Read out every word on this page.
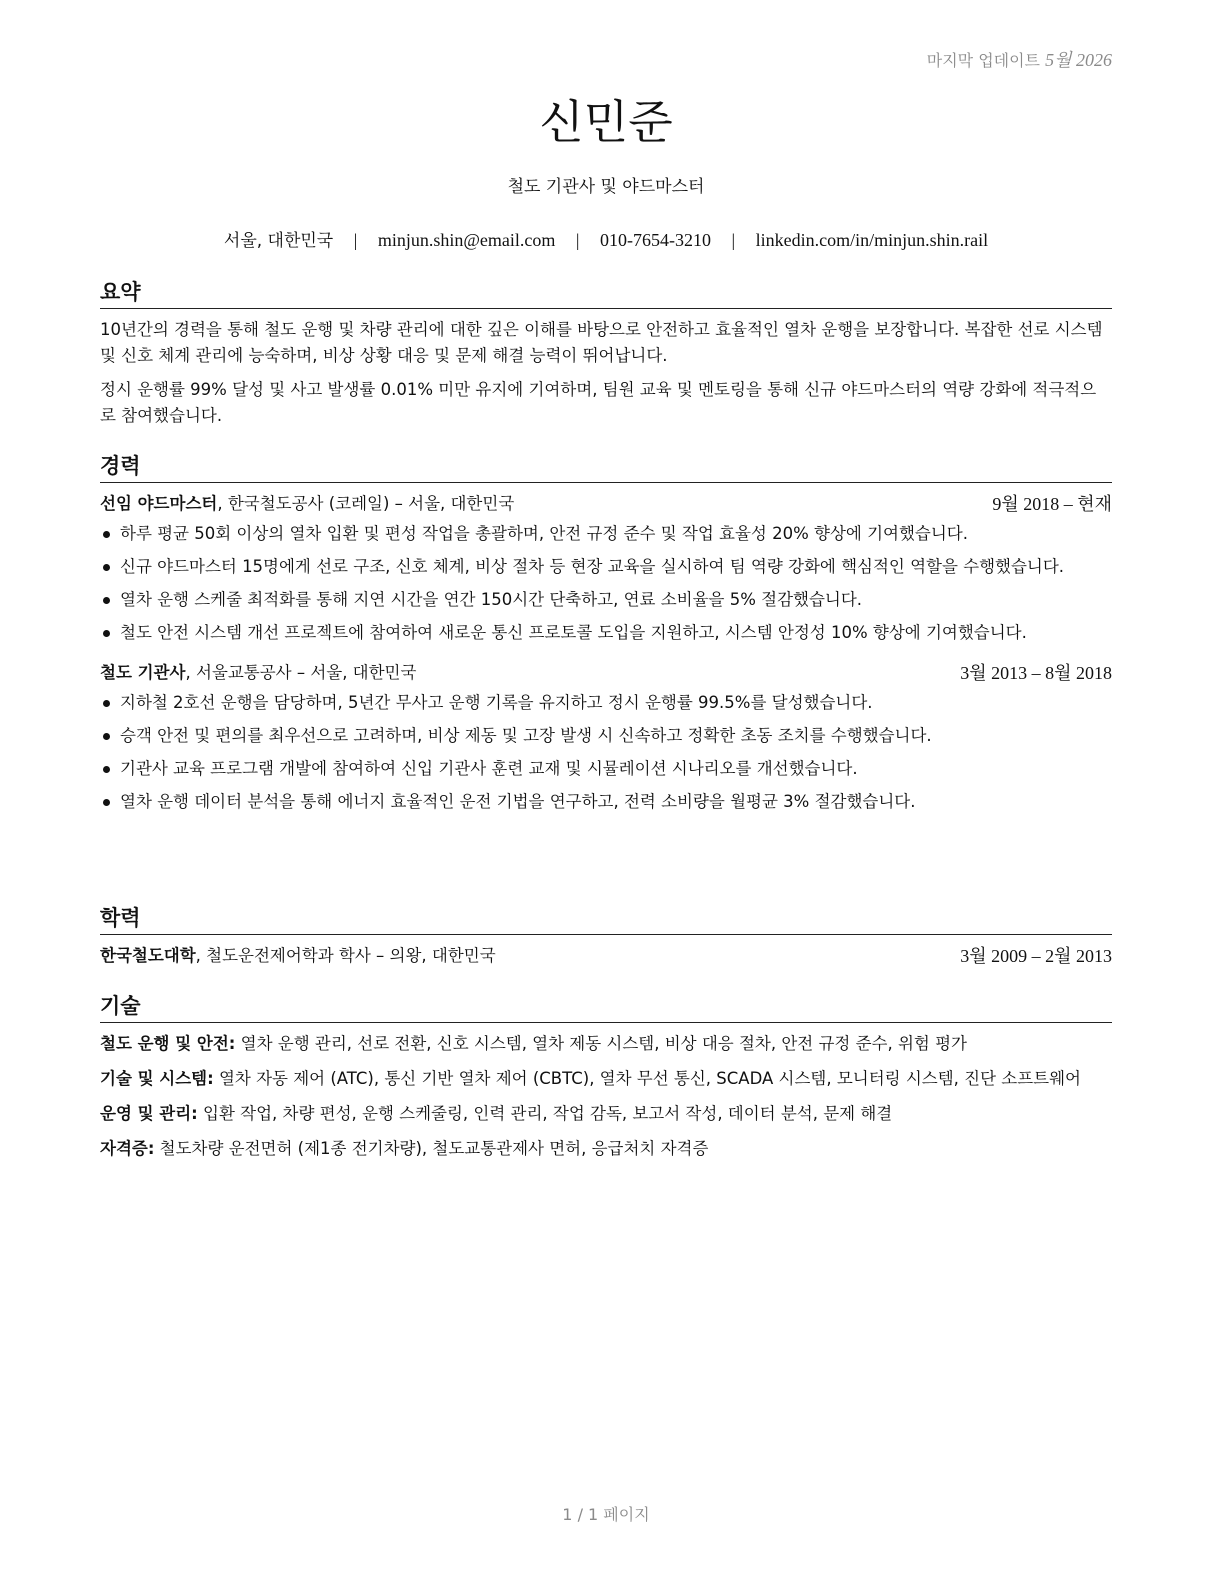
마지막 업데이트 5월 2026
신민준
철도 기관사 및 야드마스터
서울, 대한민국 | minjun.shin@email.com | 010-7654-3210 | linkedin.com/in/minjun.shin.rail
요약

10년간의 경력을 통해 철도 운행 및 차량 관리에 대한 깊은 이해를 바탕으로 안전하고 효율적인 열차 운행을 보장합니다. 복잡한 선로 시스템 및 신호 체계 관리에 능숙하며, 비상 상황 대응 및 문제 해결 능력이 뛰어납니다.

정시 운행률 99% 달성 및 사고 발생률 0.01% 미만 유지에 기여하며, 팀원 교육 및 멘토링을 통해 신규 야드마스터의 역량 강화에 적극적으로 참여했습니다.

경력
선임 야드마스터, 한국철도공사 (코레일) – 서울, 대한민국	9월 2018 – 현재
하루 평균 50회 이상의 열차 입환 및 편성 작업을 총괄하며, 안전 규정 준수 및 작업 효율성 20% 향상에 기여했습니다.
신규 야드마스터 15명에게 선로 구조, 신호 체계, 비상 절차 등 현장 교육을 실시하여 팀 역량 강화에 핵심적인 역할을 수행했습니다.
열차 운행 스케줄 최적화를 통해 지연 시간을 연간 150시간 단축하고, 연료 소비율을 5% 절감했습니다.
철도 안전 시스템 개선 프로젝트에 참여하여 새로운 통신 프로토콜 도입을 지원하고, 시스템 안정성 10% 향상에 기여했습니다.
철도 기관사, 서울교통공사 – 서울, 대한민국	3월 2013 – 8월 2018
지하철 2호선 운행을 담당하며, 5년간 무사고 운행 기록을 유지하고 정시 운행률 99.5%를 달성했습니다.
승객 안전 및 편의를 최우선으로 고려하며, 비상 제동 및 고장 발생 시 신속하고 정확한 초동 조치를 수행했습니다.
기관사 교육 프로그램 개발에 참여하여 신입 기관사 훈련 교재 및 시뮬레이션 시나리오를 개선했습니다.
열차 운행 데이터 분석을 통해 에너지 효율적인 운전 기법을 연구하고, 전력 소비량을 월평균 3% 절감했습니다.
학력
한국철도대학, 철도운전제어학과 학사 – 의왕, 대한민국	3월 2009 – 2월 2013
기술
철도 운행 및 안전: 열차 운행 관리, 선로 전환, 신호 시스템, 열차 제동 시스템, 비상 대응 절차, 안전 규정 준수, 위험 평가
기술 및 시스템: 열차 자동 제어 (ATC), 통신 기반 열차 제어 (CBTC), 열차 무선 통신, SCADA 시스템, 모니터링 시스템, 진단 소프트웨어
운영 및 관리: 입환 작업, 차량 편성, 운행 스케줄링, 인력 관리, 작업 감독, 보고서 작성, 데이터 분석, 문제 해결
자격증: 철도차량 운전면허 (제1종 전기차량), 철도교통관제사 면허, 응급처치 자격증
1 / 1 페이지
